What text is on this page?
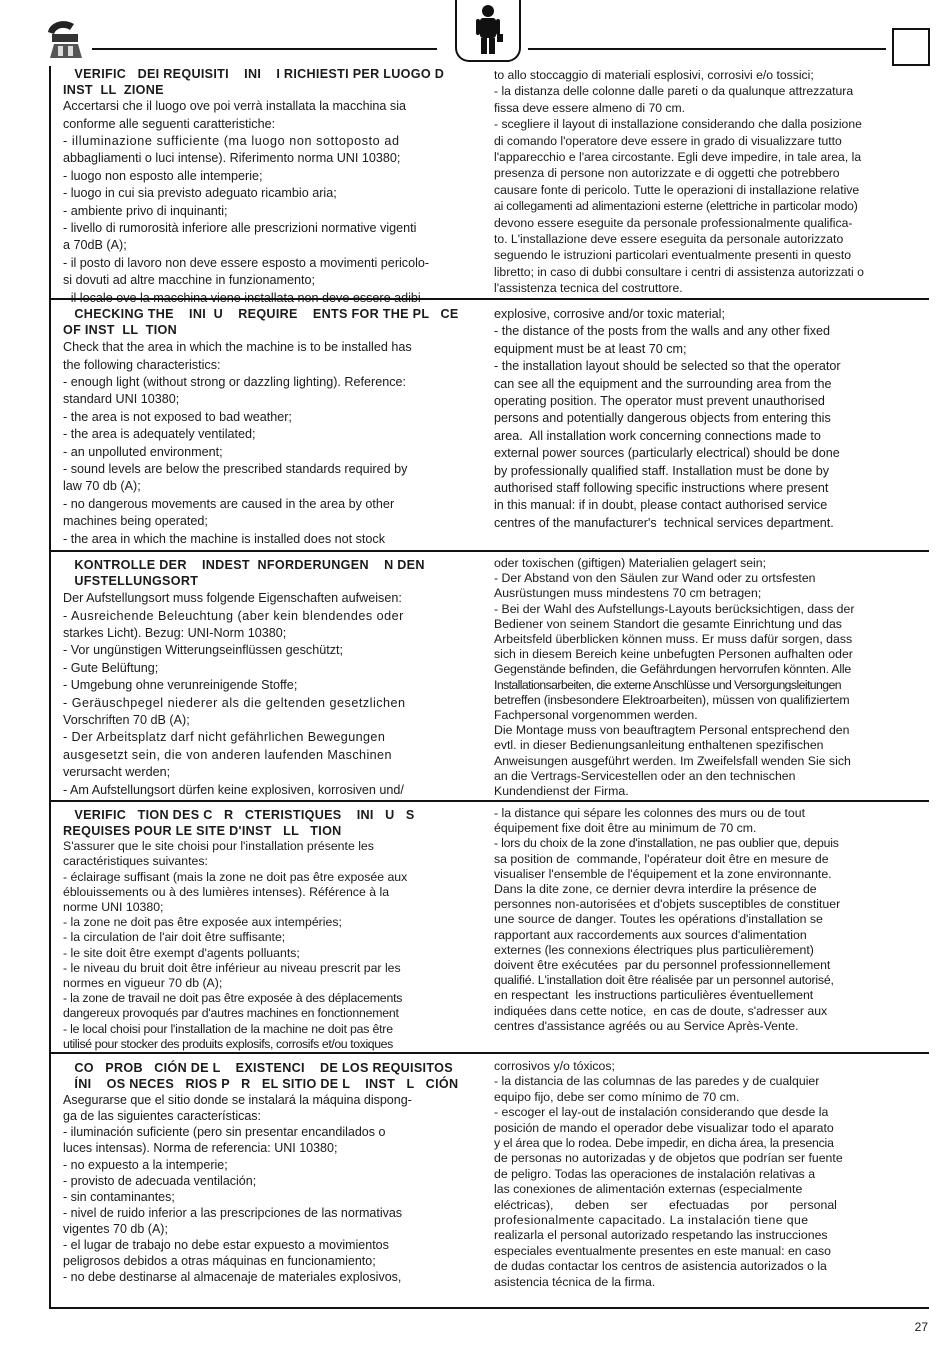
VERIFIC   DEI REQUISITI    INI    I RICHIESTI PER LUOGO D
INST  LL  ZIONE
Accertarsi che il luogo ove poi verrà installata la macchina sia
conforme alle seguenti caratteristiche:
- illuminazione sufficiente (ma luogo non sottoposto ad
abbagliamenti o luci intense). Riferimento norma UNI 10380;
- luogo non esposto alle intemperie;
- luogo in cui sia previsto adeguato ricambio aria;
- ambiente privo di inquinanti;
- livello di rumorosità inferiore alle prescrizioni normative vigenti
a 70dB (A);
- il posto di lavoro non deve essere esposto a movimenti pericolo-
si dovuti ad altre macchine in funzionamento;
to allo stoccaggio di materiali esplosivi, corrosivi e/o tossici;
- la distanza delle colonne dalle pareti o da qualunque attrezzatura
fissa deve essere almeno di 70 cm.
- scegliere il layout di installazione considerando che dalla posizione
di comando l'operatore deve essere in grado di visualizzare tutto
l'apparecchio e l'area circostante. Egli deve impedire, in tale area, la
presenza di persone non autorizzate e di oggetti che potrebbero
causare fonte di pericolo. Tutte le operazioni di installazione relative
ai collegamenti ad alimentazioni esterne (elettriche in particolar modo)
devono essere eseguite da personale professionalmente qualifica-
to. L'installazione deve essere eseguita da personale autorizzato
seguendo le istruzioni particolari eventualmente presenti in questo
libretto; in caso di dubbi consultare i centri di assistenza autorizzati o
l'assistenza tecnica del costruttore.
CHECKING THE    INI  U    REQUIRE    ENTS FOR THE PL   CE
OF INST  LL  TION
Check that the area in which the machine is to be installed has
the following characteristics:
- enough light (without strong or dazzling lighting). Reference:
standard UNI 10380;
- the area is not exposed to bad weather;
- the area is adequately ventilated;
- an unpolluted environment;
- sound levels are below the prescribed standards required by
law 70 db (A);
- no dangerous movements are caused in the area by other
machines being operated;
- the area in which the machine is installed does not stock
explosive, corrosive and/or toxic material;
- the distance of the posts from the walls and any other fixed
equipment must be at least 70 cm;
- the installation layout should be selected so that the operator
can see all the equipment and the surrounding area from the
operating position. The operator must prevent unauthorised
persons and potentially dangerous objects from entering this
area.  All installation work concerning connections made to
external power sources (particularly electrical) should be done
by professionally qualified staff. Installation must be done by
authorised staff following specific instructions where present
in this manual: if in doubt, please contact authorised service
centres of the manufacturer's  technical services department.
KONTROLLE DER    INDEST  NFORDERUNGEN    N DEN
UFSTELLUNGSORT
Der Aufstellungsort muss folgende Eigenschaften aufweisen:
- Ausreichende Beleuchtung (aber kein blendendes oder
starkes Licht). Bezug: UNI-Norm 10380;
- Vor ungünstigen Witterungseinflüssen geschützt;
- Gute Belüftung;
- Umgebung ohne verunreinigende Stoffe;
- Geräuschpegel niederer als die geltenden gesetzlichen
Vorschriften 70 dB (A);
- Der Arbeitsplatz darf nicht gefährlichen Bewegungen
ausgesetzt sein, die von anderen laufenden Maschinen
verursacht werden;
- Am Aufstellungsort dürfen keine explosiven, korrosiven und/
oder toxischen (giftigen) Materialien gelagert sein;
- Der Abstand von den Säulen zur Wand oder zu ortsfesten
Ausrüstungen muss mindestens 70 cm betragen;
- Bei der Wahl des Aufstellungs-Layouts berücksichtigen, dass der
Bediener von seinem Standort die gesamte Einrichtung und das
Arbeitsfeld überblicken können muss. Er muss dafür sorgen, dass
sich in diesem Bereich keine unbefugten Personen aufhalten oder
Gegenstände befinden, die Gefährdungen hervorrufen könnten. Alle
Installationsarbeiten, die externe Anschlüsse und Versorgungsleitungen
betreffen (insbesondere Elektroarbeiten), müssen von qualifiziertem
Fachpersonal vorgenommen werden.
Die Montage muss von beauftragtem Personal entsprechend den
evtl. in dieser Bedienungsanleitung enthaltenen spezifischen
Anweisungen ausgeführt werden. Im Zweifelsfall wenden Sie sich
an die Vertrags-Servicestellen oder an den technischen
Kundendienst der Firma.
VERIFIC   TION DES C   R   CTERISTIQUES    INI   U   S
REQUISES POUR LE SITE D'INST   LL   TION
S'assurer que le site choisi pour l'installation présente les
caractéristiques suivantes:
- éclairage suffisant (mais la zone ne doit pas être exposée aux
éblouissements ou à des lumières intenses). Référence à la
norme UNI 10380;
- la zone ne doit pas être exposée aux intempéries;
- la circulation de l'air doit être suffisante;
- le site doit être exempt d'agents polluants;
- le niveau du bruit doit être inférieur au niveau prescrit par les
normes en vigueur 70 db (A);
- la zone de travail ne doit pas être exposée à des déplacements
dangereux provoqués par d'autres machines en fonctionnement
- le local choisi pour l'installation de la machine ne doit pas être
utilisé pour stocker des produits explosifs, corrosifs et/ou toxiques
- la distance qui sépare les colonnes des murs ou de tout
équipement fixe doit être au minimum de 70 cm.
- lors du choix de la zone d'installation, ne pas oublier que, depuis
sa position de  commande, l'opérateur doit être en mesure de
visualiser l'ensemble de l'équipement et la zone environnante.
Dans la dite zone, ce dernier devra interdire la présence de
personnes non-autorisées et d'objets susceptibles de constituer
une source de danger. Toutes les opérations d'installation se
rapportant aux raccordements aux sources d'alimentation
externes (les connexions électriques plus particulièrement)
doivent être exécutées  par du personnel professionnellement
qualifié. L'installation doit être réalisée par un personnel autorisé,
en respectant  les instructions particulières éventuellement
indiquées dans cette notice,  en cas de doute, s'adresser aux
centres d'assistance agréés ou au Service Après-Vente.
CO   PROB   CIÓN DE L    EXISTENCI    DE LOS REQUISITOS
ÍNI    OS NECES   RIOS P   R   EL SITIO DE L    INST   L   CIÓN
Asegurarse que el sitio donde se instalará la máquina dispong-
ga de las siguientes características:
- iluminación suficiente (pero sin presentar encandilados o
luces intensas). Norma de referencia: UNI 10380;
- no expuesto a la intemperie;
- provisto de adecuada ventilación;
- sin contaminantes;
- nivel de ruido inferior a las prescripciones de las normativas
vigentes 70 db (A);
- el lugar de trabajo no debe estar expuesto a movimientos
peligrosos debidos a otras máquinas en funcionamiento;
- no debe destinarse al almacenaje de materiales explosivos,
corrosivos y/o tóxicos;
- la distancia de las columnas de las paredes y de cualquier
equipo fijo, debe ser como mínimo de 70 cm.
- escoger el lay-out de instalación considerando que desde la
posición de mando el operador debe visualizar todo el aparato
y el área que lo rodea. Debe impedir, en dicha área, la presencia
de personas no autorizadas y de objetos que podrían ser fuente
de peligro. Todas las operaciones de instalación relativas a
las conexiones de alimentación externas (especialmente
eléctricas), deben ser efectuadas por personal
profesionalmente capacitado. La instalación tiene que
realizarla el personal autorizado respetando las instrucciones
especiales eventualmente presentes en este manual: en caso
de dudas contactar los centros de asistencia autorizados o la
asistencia técnica de la firma.
27
